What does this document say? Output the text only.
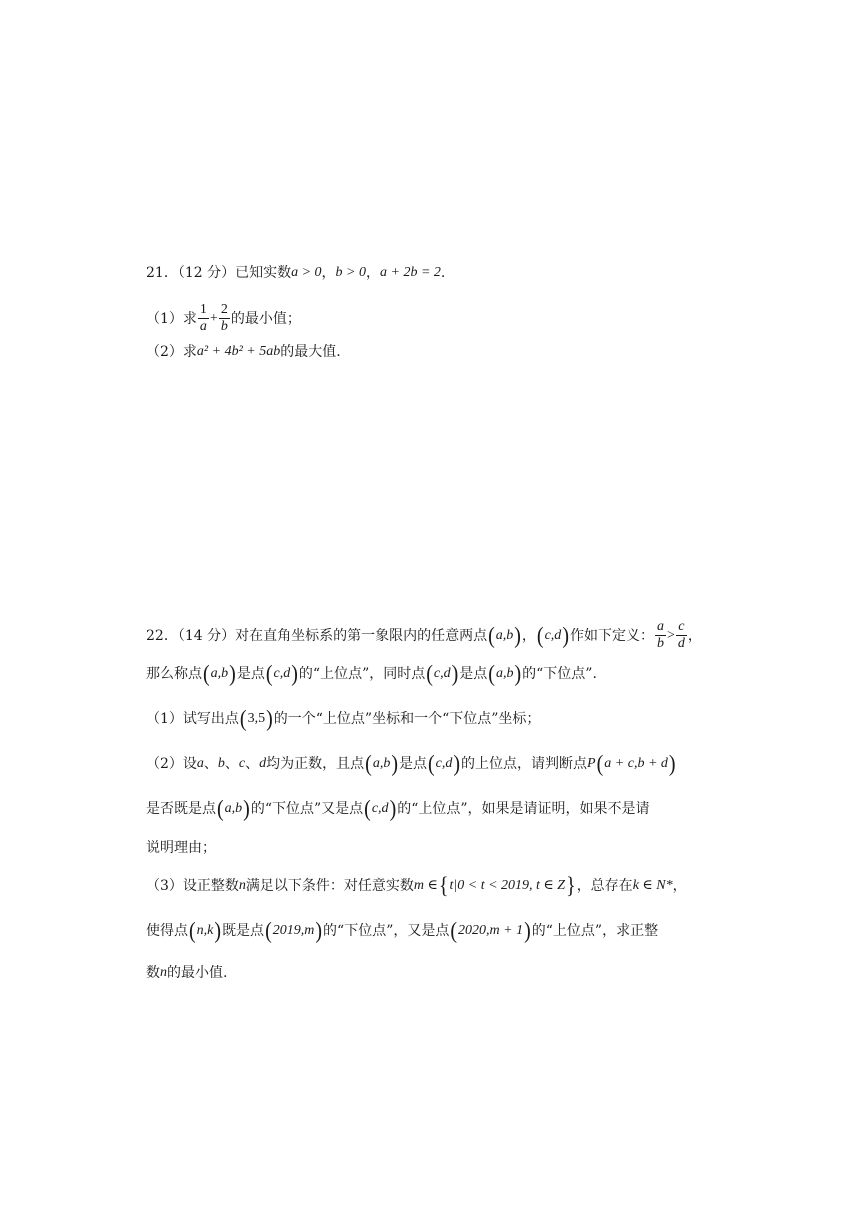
21．（12 分）已知实数 a > 0 ， b > 0 ， a + 2b = 2 .
（1）求 $\frac{1}{a} + \frac{2}{b}$ 的最小值；
（2）求 a² + 4b² + 5ab 的最大值.
22．（14 分）对在直角坐标系的第一象限内的任意两点 ( a,b ) ， ( c,d ) 作如下定义： $\frac{a}{b} > \frac{c}{d}$ ，
那么称点 ( a,b ) 是点 ( c,d ) 的“上位点”，同时点 ( c,d ) 是点 ( a,b ) 的“下位点”.
（1）试写出点 ( 3,5 ) 的一个“上位点”坐标和一个“下位点”坐标；
（2）设 a 、 b 、 c 、 d 均为正数，且点 ( a,b ) 是点 ( c,d ) 的上位点，请判断点 P ( a + c,b + d )
是否既是点 ( a,b ) 的“下位点”又是点 ( c,d ) 的“上位点”，如果是请证明，如果不是请
说明理由；
（3）设正整数 n 满足以下条件：对任意实数 m ∈ { t|0 < t < 2019, t ∈ Z } ，总存在 k ∈ N* ，
使得点 ( n,k ) 既是点 ( 2019,m ) 的“下位点”，又是点 ( 2020,m + 1 ) 的“上位点”，求正整
数 n 的最小值.
